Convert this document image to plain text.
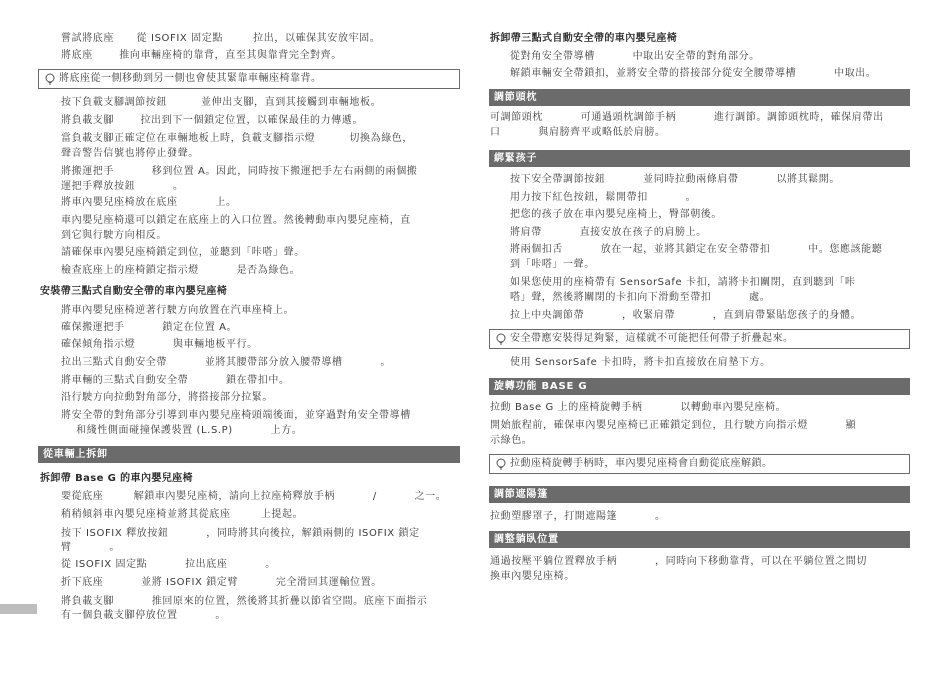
嘗試將底座      從 ISOFIX 固定點        拉出，以確保其安放牢固。
將底座       推向車輛座椅的靠背，直至其與靠背完全對齊。

將底座從一側移動到另一側也會使其緊靠車輛座椅靠背。

按下負載支腳調節按鈕         並伸出支腳，直到其接觸到車輛地板。
將負載支腳       拉出到下一個鎖定位置，以確保最佳的力傳遞。
當負載支腳正確定位在車輛地板上時，負載支腳指示燈         切換為綠色，
聲音警告信號也將停止發聲。
將搬運把手          移到位置 A。因此，同時按下搬運把手左右兩側的兩個搬
運把手釋放按鈕          。
將車內嬰兒座椅放在底座          上。
車內嬰兒座椅還可以鎖定在底座上的入口位置。然後轉動車內嬰兒座椅，直
到它與行駛方向相反。
請確保車內嬰兒座椅鎖定到位，並聽到「咔嗒」聲。
檢查底座上的座椅鎖定指示燈          是否為綠色。
安裝帶三點式自動安全帶的車內嬰兒座椅
將車內嬰兒座椅逆著行駛方向放置在汽車座椅上。
確保搬運把手          鎖定在位置 A。
確保傾角指示燈          與車輛地板平行。
拉出三點式自動安全帶          並將其腰帶部分放入腰帶導槽          。
將車輛的三點式自動安全帶          鎖在帶扣中。
沿行駛方向拉動對角部分，將搭接部分拉緊。
將安全帶的對角部分引導到車內嬰兒座椅頭端後面，並穿過對角安全帶導槽
和綫性側面碰撞保護裝置 (L.S.P)          上方。
從車輛上拆卸
拆卸帶 Base G 的車內嬰兒座椅
要從底座        解鎖車內嬰兒座椅，請向上拉座椅釋放手柄          /          之一。
稍稍傾斜車內嬰兒座椅並將其從底座        上提起。
按下 ISOFIX 釋放按鈕          ，同時將其向後拉，解鎖兩側的 ISOFIX 鎖定
臂          。
從 ISOFIX 固定點          拉出底座          。
折下底座          並將 ISOFIX 鎖定臂          完全滑回其運輸位置。
將負載支腳          推回原來的位置，然後將其折疊以節省空間。底座下面指示
有一個負載支腳停放位置          。
拆卸帶三點式自動安全帶的車內嬰兒座椅
從對角安全帶導槽          中取出安全帶的對角部分。
解鎖車輛安全帶鎖扣，並將安全帶的搭接部分從安全腰帶導槽          中取出。
調節頭枕
可調節頭枕          可通過頭枕調節手柄          進行調節。調節頭枕時，確保肩帶出
口          與肩膀齊平或略低於肩膀。
綁緊孩子
按下安全帶調節按鈕          並同時拉動兩條肩帶          以將其鬆開。
用力按下紅色按鈕，鬆開帶扣          。
把您的孩子放在車內嬰兒座椅上，臀部朝後。
將肩帶          直接安放在孩子的肩膀上。
將兩個扣舌          放在一起，並將其鎖定在安全帶帶扣          中。您應該能聽
到「咔嗒」一聲。
如果您使用的座椅帶有 SensorSafe 卡扣，請將卡扣關閉，直到聽到「咔
嗒」聲，然後將關閉的卡扣向下滑動至帶扣          處。
拉上中央調節帶          ，收緊肩帶          ，直到肩帶緊貼您孩子的身體。

安全帶應安裝得足夠緊，這樣就不可能把任何帶子折疊起來。

使用 SensorSafe 卡扣時，將卡扣直接放在肩墊下方。
旋轉功能 BASE G
拉動 Base G 上的座椅旋轉手柄          以轉動車內嬰兒座椅。
開始旅程前，確保車內嬰兒座椅已正確鎖定到位，且行駛方向指示燈          顯
示綠色。

拉動座椅旋轉手柄時，車內嬰兒座椅會自動從底座解鎖。

調節遮陽篷
拉動塑膠罩子，打開遮陽篷          。
調整躺臥位置
通過按壓平躺位置釋放手柄          ，同時向下移動靠背，可以在平躺位置之間切
換車內嬰兒座椅。
